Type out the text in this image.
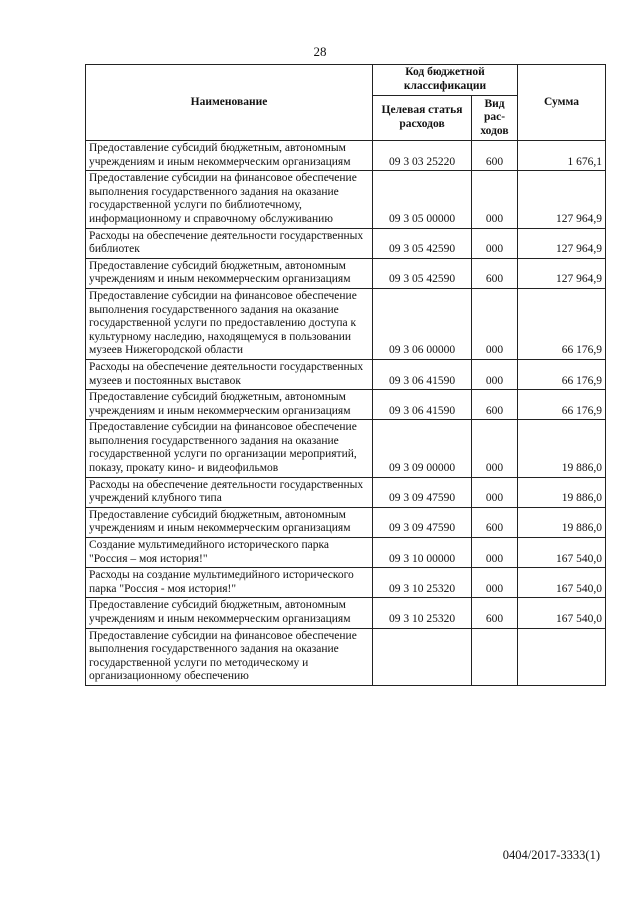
28
Наименование	Код бюджетной классификации		Сумма
	Целевая статья расходов	Вид рас- ходов	
Предоставление субсидий бюджетным, автономным учреждениям и иным некоммерческим организациям	09 3 03 25220	600	1 676,1
Предоставление субсидии на финансовое обеспечение выполнения государственного задания на оказание государственной услуги по библиотечному, информационному и справочному обслуживанию	09 3 05 00000	000	127 964,9
Расходы на обеспечение деятельности государственных библиотек	09 3 05 42590	000	127 964,9
Предоставление субсидий бюджетным, автономным учреждениям и иным некоммерческим организациям	09 3 05 42590	600	127 964,9
Предоставление субсидии на финансовое обеспечение выполнения государственного задания на оказание государственной услуги по предоставлению доступа к культурному наследию, находящемуся в пользовании музеев Нижегородской области	09 3 06 00000	000	66 176,9
Расходы на обеспечение деятельности государственных музеев и постоянных выставок	09 3 06 41590	000	66 176,9
Предоставление субсидий бюджетным, автономным учреждениям и иным некоммерческим организациям	09 3 06 41590	600	66 176,9
Предоставление субсидии на финансовое обеспечение выполнения государственного задания на оказание государственной услуги по организации мероприятий, показу, прокату кино- и видеофильмов	09 3 09 00000	000	19 886,0
Расходы на обеспечение деятельности государственных учреждений клубного типа	09 3 09 47590	000	19 886,0
Предоставление субсидий бюджетным, автономным учреждениям и иным некоммерческим организациям	09 3 09 47590	600	19 886,0
Создание мультимедийного исторического парка "Россия – моя история!"	09 3 10 00000	000	167 540,0
Расходы на создание мультимедийного исторического парка "Россия - моя история!"	09 3 10 25320	000	167 540,0
Предоставление субсидий бюджетным, автономным учреждениям и иным некоммерческим организациям	09 3 10 25320	600	167 540,0
Предоставление субсидии на финансовое обеспечение выполнения государственного задания на оказание государственной услуги по методическому и организационному обеспечению			
0404/2017-3333(1)
